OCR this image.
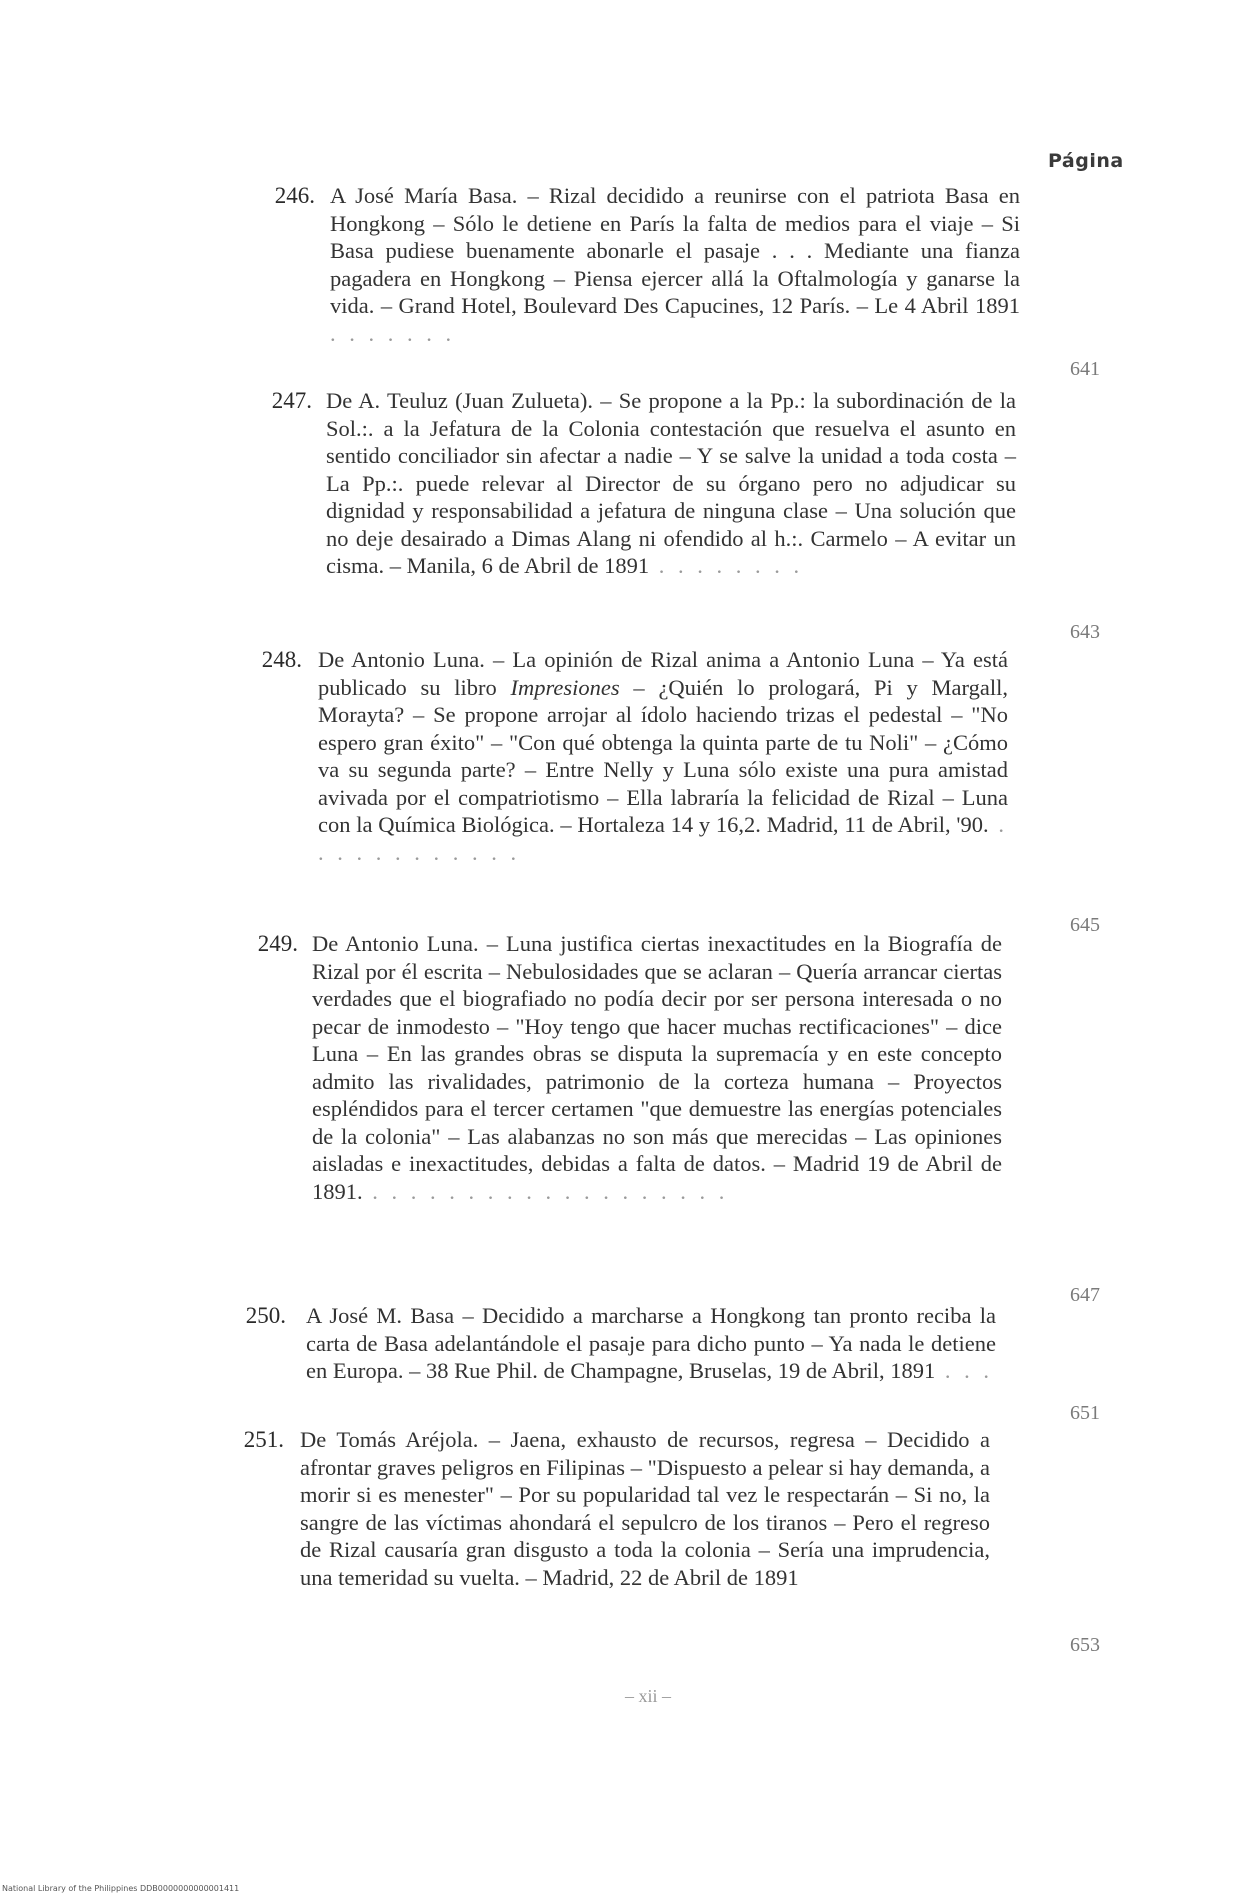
Página
246. A José María Basa. – Rizal decidido a reunirse con el patriota Basa en Hongkong – Sólo le detiene en París la falta de medios para el viaje – Si Basa pudiese buenamente abonarle el pasaje . . . Mediante una fianza pagadera en Hongkong – Piensa ejercer allá la Oftalmología y ganarse la vida. – Grand Hotel, Boulevard Des Capucines, 12 París. – Le 4 Abril 1891 . . . . . . .
641
247. De A. Teuluz (Juan Zulueta). – Se propone a la Pp.: la subordinación de la Sol.:. a la Jefatura de la Colonia contestación que resuelva el asunto en sentido conciliador sin afectar a nadie – Y se salve la unidad a toda costa – La Pp.:. puede relevar al Director de su órgano pero no adjudicar su dignidad y responsabilidad a jefatura de ninguna clase – Una solución que no deje desairado a Dimas Alang ni ofendido al h.:. Carmelo – A evitar un cisma. – Manila, 6 de Abril de 1891 . . . . . . . .
643
248. De Antonio Luna. – La opinión de Rizal anima a Antonio Luna – Ya está publicado su libro Impresiones – ¿Quién lo prologará, Pi y Margall, Morayta? – Se propone arrojar al ídolo haciendo trizas el pedestal – "No espero gran éxito" – "Con qué obtenga la quinta parte de tu Noli" – ¿Cómo va su segunda parte? – Entre Nelly y Luna sólo existe una pura amistad avivada por el compatriotismo – Ella labraría la felicidad de Rizal – Luna con la Química Biológica. – Hortaleza 14 y 16,2. Madrid, 11 de Abril, '90. . . . . . . . . . . . .
645
249. De Antonio Luna. – Luna justifica ciertas inexactitudes en la Biografía de Rizal por él escrita – Nebulosidades que se aclaran – Quería arrancar ciertas verdades que el biografiado no podía decir por ser persona interesada o no pecar de inmodesto – "Hoy tengo que hacer muchas rectificaciones" – dice Luna – En las grandes obras se disputa la supremacía y en este concepto admito las rivalidades, patrimonio de la corteza humana – Proyectos espléndidos para el tercer certamen "que demuestre las energías potenciales de la colonia" – Las alabanzas no son más que merecidas – Las opiniones aisladas e inexactitudes, debidas a falta de datos. – Madrid 19 de Abril de 1891. . . . . . . . . . . . . . . . . . . .
647
250. A José M. Basa – Decidido a marcharse a Hongkong tan pronto reciba la carta de Basa adelantándole el pasaje para dicho punto – Ya nada le detiene en Europa. – 38 Rue Phil. de Champagne, Bruselas, 19 de Abril, 1891 . . .
651
251. De Tomás Aréjola. – Jaena, exhausto de recursos, regresa – Decidido a afrontar graves peligros en Filipinas – "Dispuesto a pelear si hay demanda, a morir si es menester" – Por su popularidad tal vez le respectarán – Si no, la sangre de las víctimas ahondará el sepulcro de los tiranos – Pero el regreso de Rizal causaría gran disgusto a toda la colonia – Sería una imprudencia, una temeridad su vuelta. – Madrid, 22 de Abril de 1891
653
– xii –
National Library of the Philippines DDB0000000000001411
